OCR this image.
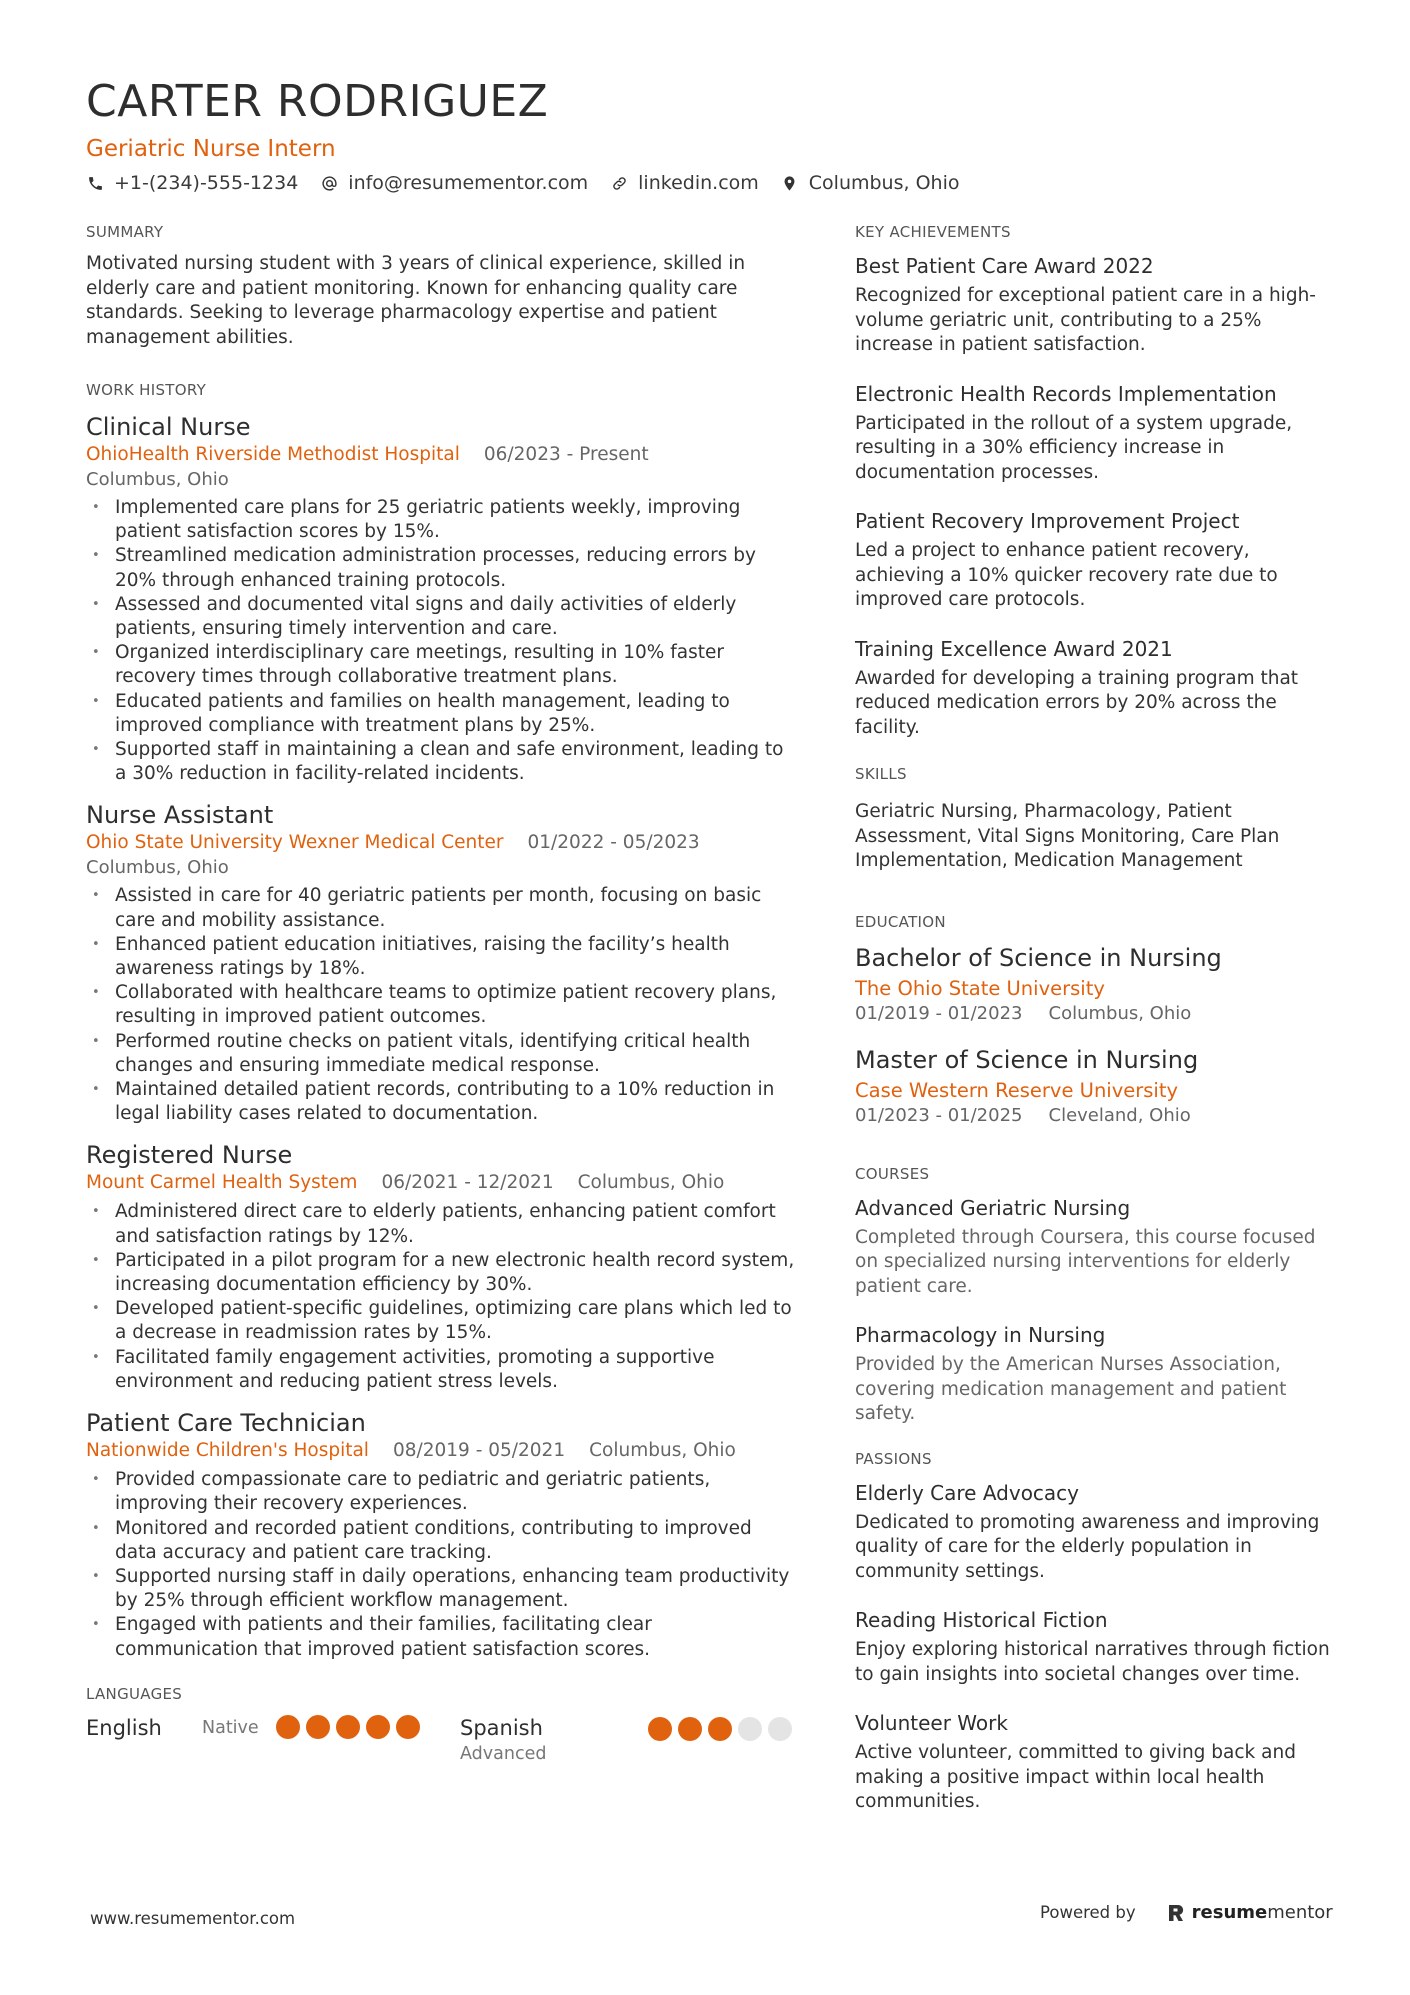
CARTER RODRIGUEZ
Geriatric Nurse Intern
+1-(234)-555-1234	info@resumementor.com	linkedin.com	Columbus, Ohio
SUMMARY
Motivated nursing student with 3 years of clinical experience, skilled in elderly care and patient monitoring. Known for enhancing quality care standards. Seeking to leverage pharmacology expertise and patient management abilities.
WORK HISTORY
Clinical Nurse
OhioHealth Riverside Methodist Hospital 06/2023 - Present
Columbus, Ohio
• Implemented care plans for 25 geriatric patients weekly, improving patient satisfaction scores by 15%.
• Streamlined medication administration processes, reducing errors by 20% through enhanced training protocols.
• Assessed and documented vital signs and daily activities of elderly patients, ensuring timely intervention and care.
• Organized interdisciplinary care meetings, resulting in 10% faster recovery times through collaborative treatment plans.
• Educated patients and families on health management, leading to improved compliance with treatment plans by 25%.
• Supported staff in maintaining a clean and safe environment, leading to a 30% reduction in facility-related incidents.
Nurse Assistant
Ohio State University Wexner Medical Center 01/2022 - 05/2023
Columbus, Ohio
• Assisted in care for 40 geriatric patients per month, focusing on basic care and mobility assistance.
• Enhanced patient education initiatives, raising the facility’s health awareness ratings by 18%.
• Collaborated with healthcare teams to optimize patient recovery plans, resulting in improved patient outcomes.
• Performed routine checks on patient vitals, identifying critical health changes and ensuring immediate medical response.
• Maintained detailed patient records, contributing to a 10% reduction in legal liability cases related to documentation.
Registered Nurse
Mount Carmel Health System 06/2021 - 12/2021 Columbus, Ohio
• Administered direct care to elderly patients, enhancing patient comfort and satisfaction ratings by 12%.
• Participated in a pilot program for a new electronic health record system, increasing documentation efficiency by 30%.
• Developed patient-specific guidelines, optimizing care plans which led to a decrease in readmission rates by 15%.
• Facilitated family engagement activities, promoting a supportive environment and reducing patient stress levels.
Patient Care Technician
Nationwide Children's Hospital 08/2019 - 05/2021 Columbus, Ohio
• Provided compassionate care to pediatric and geriatric patients, improving their recovery experiences.
• Monitored and recorded patient conditions, contributing to improved data accuracy and patient care tracking.
• Supported nursing staff in daily operations, enhancing team productivity by 25% through efficient workflow management.
• Engaged with patients and their families, facilitating clear communication that improved patient satisfaction scores.
LANGUAGES
English	Native	Spanish
Advanced
KEY ACHIEVEMENTS
Best Patient Care Award 2022
Recognized for exceptional patient care in a high-volume geriatric unit, contributing to a 25% increase in patient satisfaction.
Electronic Health Records Implementation
Participated in the rollout of a system upgrade, resulting in a 30% efficiency increase in documentation processes.
Patient Recovery Improvement Project
Led a project to enhance patient recovery, achieving a 10% quicker recovery rate due to improved care protocols.
Training Excellence Award 2021
Awarded for developing a training program that reduced medication errors by 20% across the facility.
SKILLS
Geriatric Nursing, Pharmacology, Patient Assessment, Vital Signs Monitoring, Care Plan Implementation, Medication Management
EDUCATION
Bachelor of Science in Nursing
The Ohio State University
01/2019 - 01/2023 Columbus, Ohio
Master of Science in Nursing
Case Western Reserve University
01/2023 - 01/2025 Cleveland, Ohio
COURSES
Advanced Geriatric Nursing
Completed through Coursera, this course focused on specialized nursing interventions for elderly patient care.
Pharmacology in Nursing
Provided by the American Nurses Association, covering medication management and patient safety.
PASSIONS
Elderly Care Advocacy
Dedicated to promoting awareness and improving quality of care for the elderly population in community settings.
Reading Historical Fiction
Enjoy exploring historical narratives through fiction to gain insights into societal changes over time.
Volunteer Work
Active volunteer, committed to giving back and making a positive impact within local health communities.
www.resumementor.com	Powered by	resume mentor
